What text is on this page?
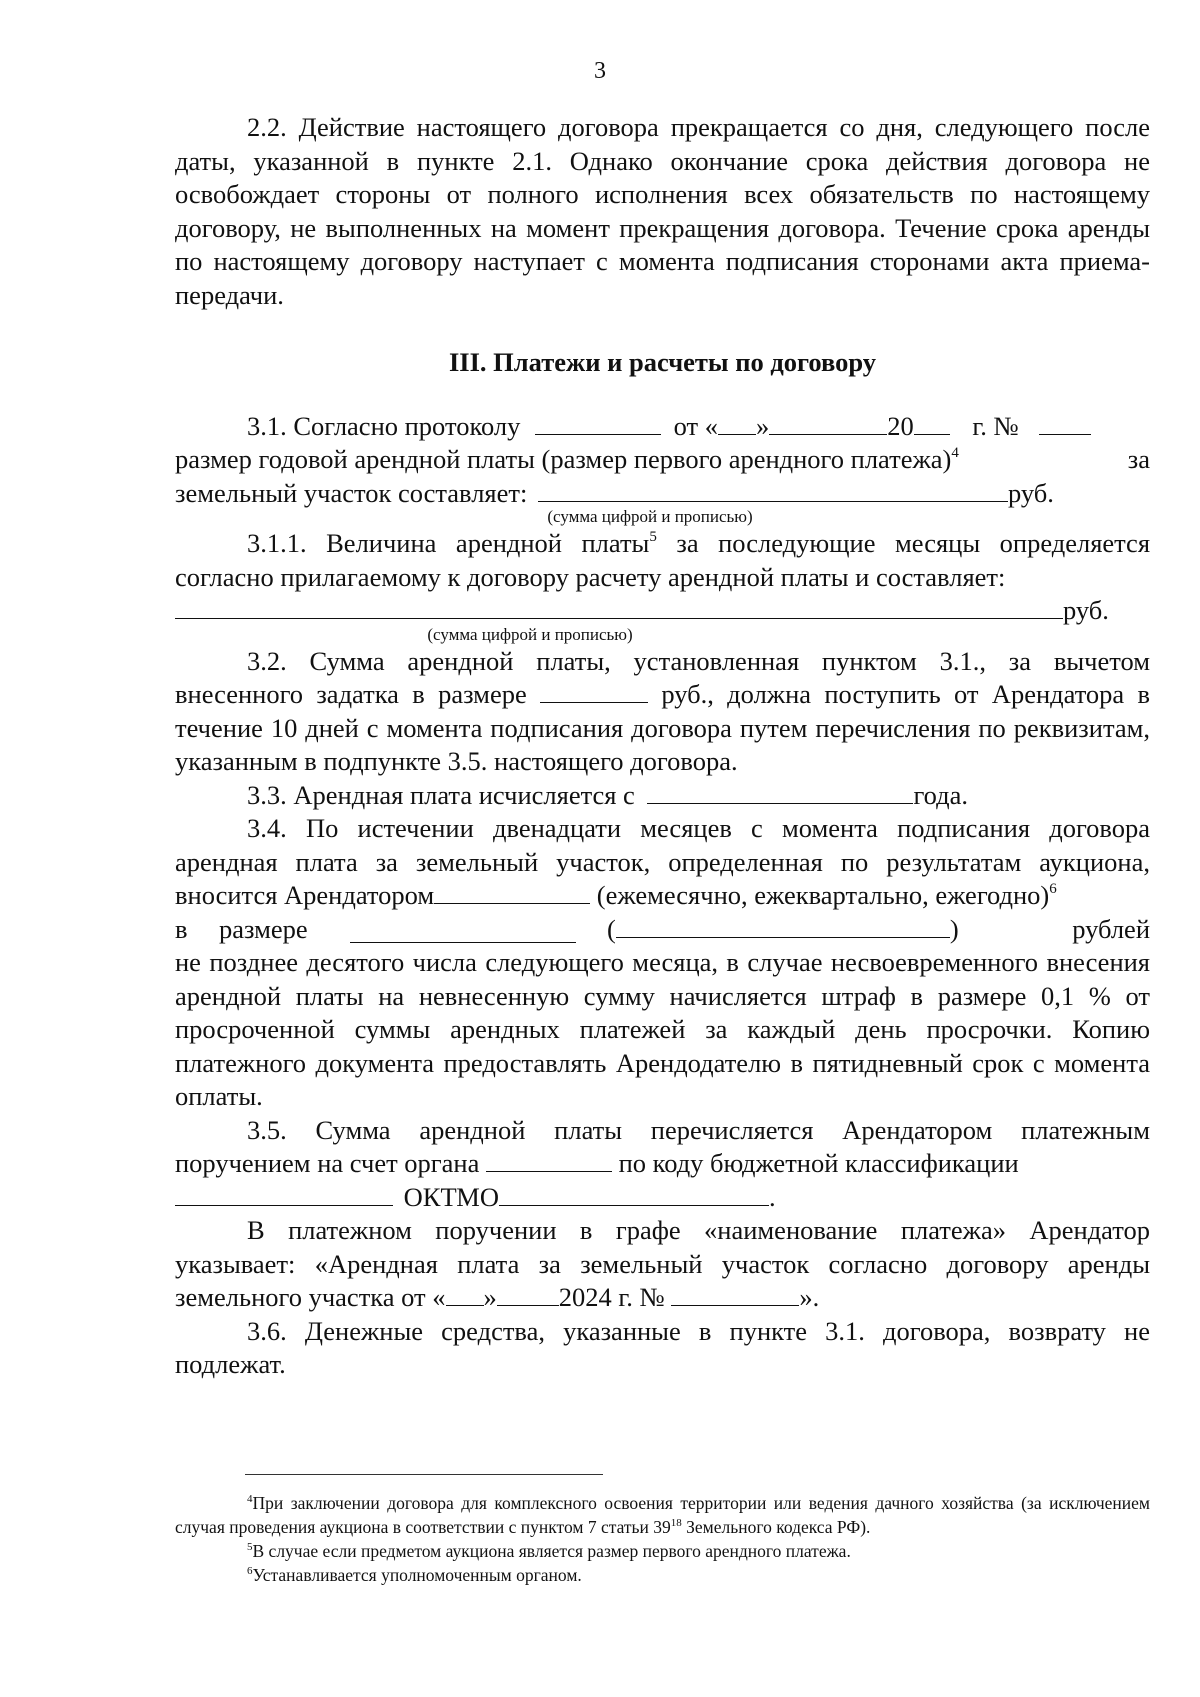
3

2.2. Действие настоящего договора прекращается со дня, следующего после даты, указанной в пункте 2.1. Однако окончание срока действия договора не освобождает стороны от полного исполнения всех обязательств по настоящему договору, не выполненных на момент прекращения договора. Течение срока аренды по настоящему договору наступает с момента подписания сторонами акта приема-передачи.

III. Платежи и расчеты по договору

3.1. Согласно протоколу	от « »	20 г. №
размер годовой арендной платы (размер первого арендного платежа)$^4$	за
земельный участок составляет:	руб.
(сумма цифрой и прописью)

3.1.1. Величина арендной платы$^5$ за последующие месяцы определяется согласно прилагаемому к договору расчету арендной платы и составляет:

руб.
(сумма цифрой и прописью)

3.2. Сумма арендной платы, установленная пунктом 3.1., за вычетом внесенного задатка в размере	руб., должна поступить от Арендатора в течение 10 дней с момента подписания договора путем перечисления по реквизитам, указанным в подпункте 3.5. настоящего договора.

3.3. Арендная плата исчисляется с	года.

3.4. По истечении двенадцати месяцев с момента подписания договора арендная плата за земельный участок, определенная по результатам аукциона, вносится Арендатором	(ежемесячно, ежеквартально, ежегодно)$^6$

в размере	(	)	рублей

не позднее десятого числа следующего месяца, в случае несвоевременного внесения арендной платы на невнесенную сумму начисляется штраф в размере 0,1 % от просроченной суммы арендных платежей за каждый день просрочки. Копию платежного документа предоставлять Арендодателю в пятидневный срок с момента оплаты.

3.5. Сумма арендной платы перечисляется Арендатором платежным поручением на счет органа	по коду бюджетной классификации

ОКТМО	.

В платежном поручении в графе «наименование платежа» Арендатор указывает: «Арендная плата за земельный участок согласно договору аренды земельного участка от « » 2024 г. №	».

3.6. Денежные средства, указанные в пункте 3.1. договора, возврату не подлежат.

$^4$При заключении договора для комплексного освоения территории или ведения дачного хозяйства (за исключением случая проведения аукциона в соответствии с пунктом 7 статьи $39^{18}$ Земельного кодекса РФ).

$^5$В случае если предметом аукциона является размер первого арендного платежа.

$^6$Устанавливается уполномоченным органом.
